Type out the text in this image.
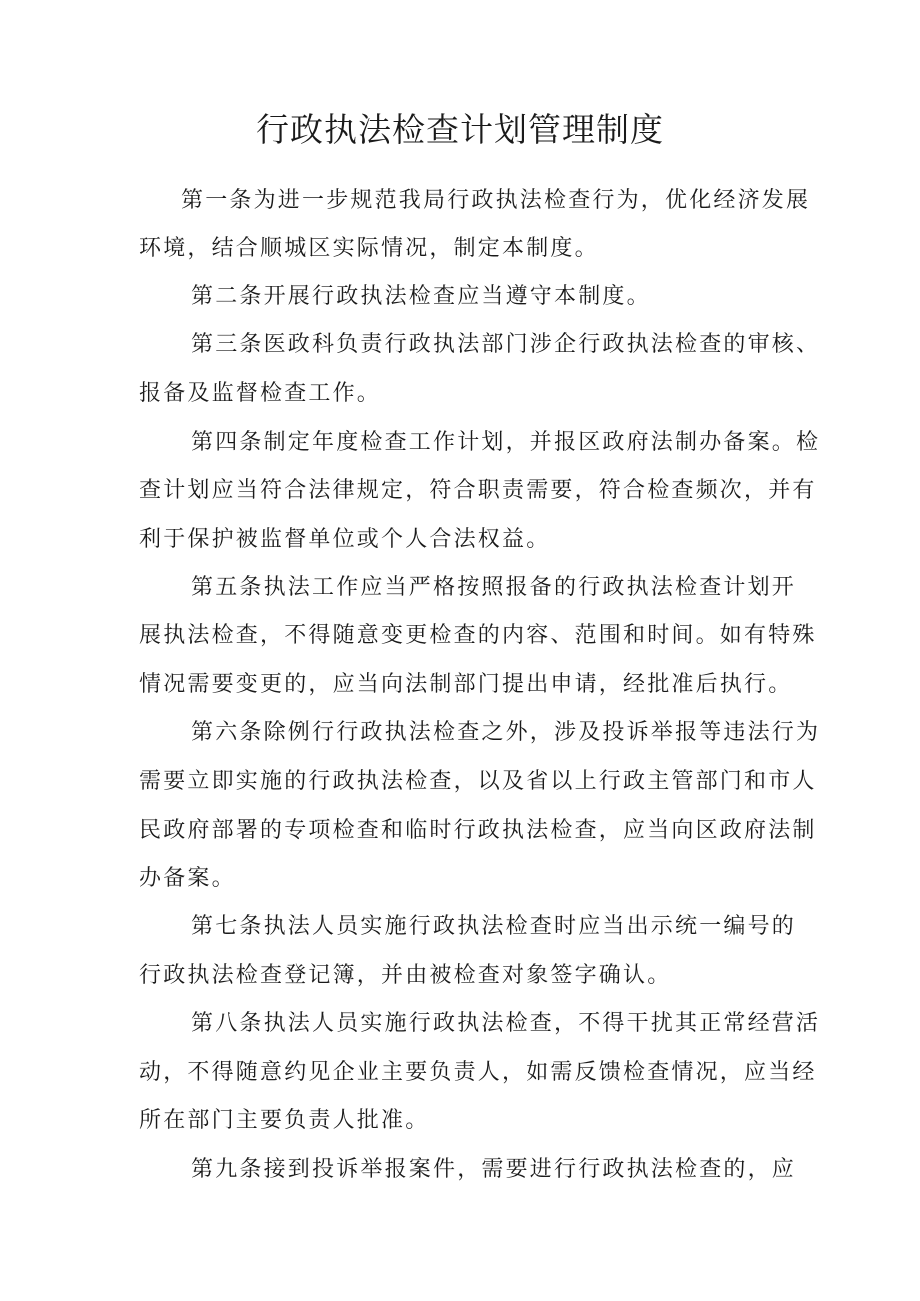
行政执法检查计划管理制度
第一条为进一步规范我局行政执法检查行为，优化经济发展
环境，结合顺城区实际情况，制定本制度。
第二条开展行政执法检查应当遵守本制度。
第三条医政科负责行政执法部门涉企行政执法检查的审核、
报备及监督检查工作。
第四条制定年度检查工作计划，并报区政府法制办备案。检
查计划应当符合法律规定，符合职责需要，符合检查频次，并有
利于保护被监督单位或个人合法权益。
第五条执法工作应当严格按照报备的行政执法检查计划开
展执法检查，不得随意变更检查的内容、范围和时间。如有特殊
情况需要变更的，应当向法制部门提出申请，经批准后执行。
第六条除例行行政执法检查之外，涉及投诉举报等违法行为
需要立即实施的行政执法检查，以及省以上行政主管部门和市人
民政府部署的专项检查和临时行政执法检查，应当向区政府法制
办备案。
第七条执法人员实施行政执法检查时应当出示统一编号的
行政执法检查登记簿，并由被检查对象签字确认。
第八条执法人员实施行政执法检查，不得干扰其正常经营活
动，不得随意约见企业主要负责人，如需反馈检查情况，应当经
所在部门主要负责人批准。
第九条接到投诉举报案件，需要进行行政执法检查的，应
